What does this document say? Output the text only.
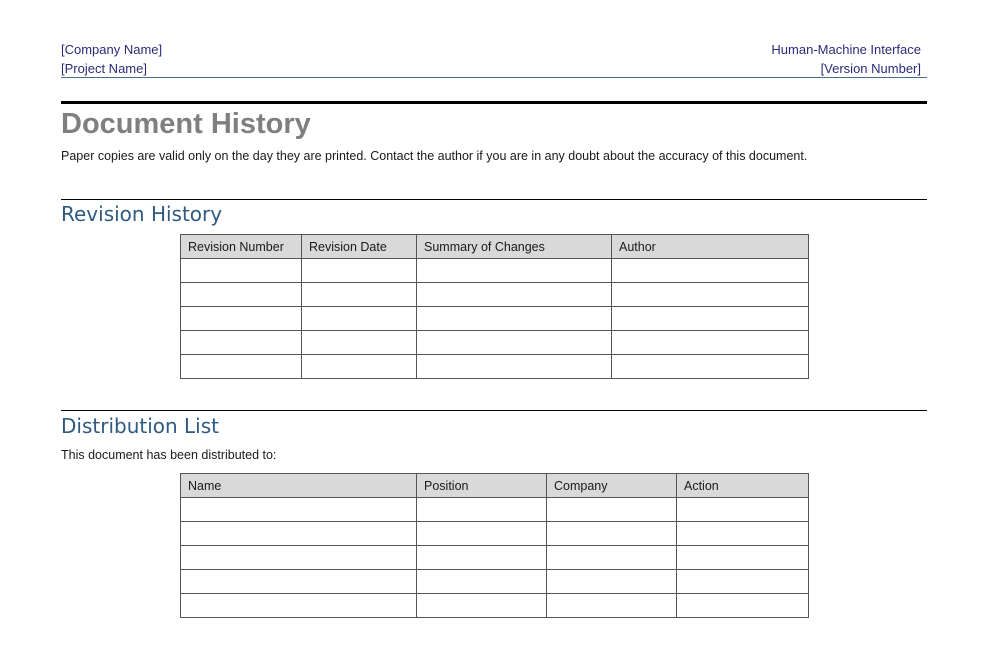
[Company Name]
[Project Name]
Human-Machine Interface
[Version Number]
Document History
Paper copies are valid only on the day they are printed. Contact the author if you are in any doubt about the accuracy of this document.
Revision History
Revision Number	Revision Date	Summary of Changes	Author

Distribution List
This document has been distributed to:
Name	Position	Company	Action
